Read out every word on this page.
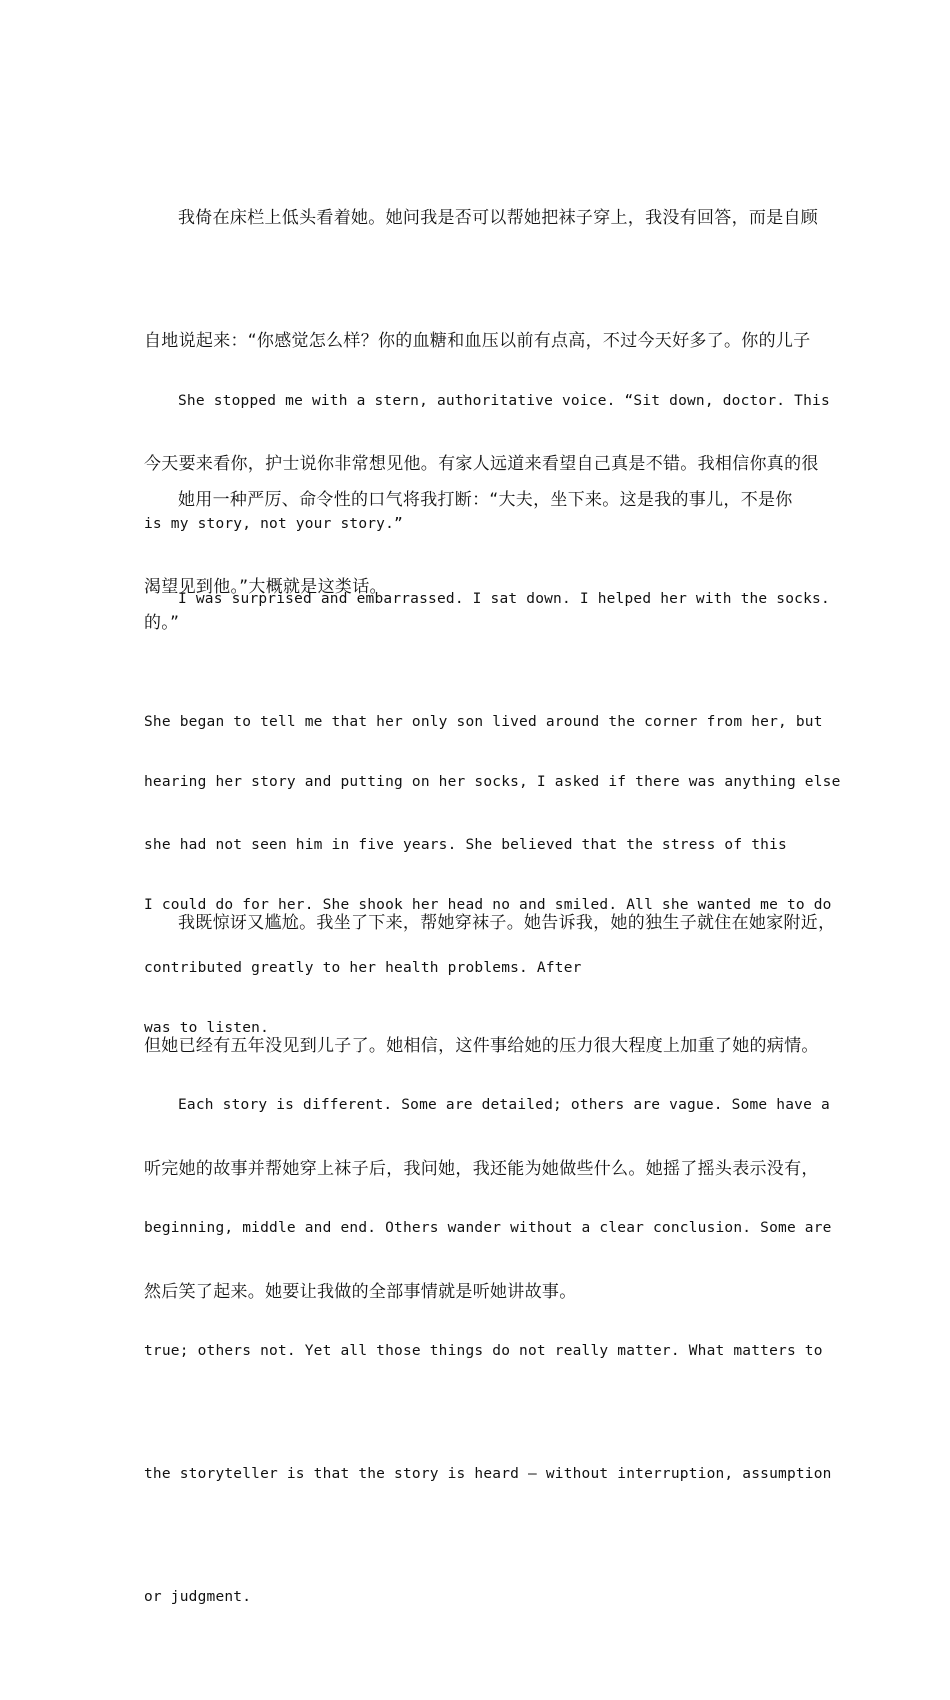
我倚在床栏上低头看着她。她问我是否可以帮她把袜子穿上，我没有回答，而是自顾

自地说起来：“你感觉怎么样？你的血糖和血压以前有点高，不过今天好多了。你的儿子

今天要来看你，护士说你非常想见他。有家人远道来看望自己真是不错。我相信你真的很

渴望见到他。”大概就是这类话。

She stopped me with a stern, authoritative voice. “Sit down, doctor. This

is my story, not your story.”

她用一种严厉、命令性的口气将我打断：“大夫，坐下来。这是我的事儿，不是你

的。”

I was surprised and embarrassed. I sat down. I helped her with the socks.

She began to tell me that her only son lived around the corner from her, but

she had not seen him in five years. She believed that the stress of this

contributed greatly to her health problems. After

hearing her story and putting on her socks, I asked if there was anything else

I could do for her. She shook her head no and smiled. All she wanted me to do

was to listen.

我既惊讶又尴尬。我坐了下来，帮她穿袜子。她告诉我，她的独生子就住在她家附近，

但她已经有五年没见到儿子了。她相信，这件事给她的压力很大程度上加重了她的病情。

听完她的故事并帮她穿上袜子后，我问她，我还能为她做些什么。她摇了摇头表示没有，

然后笑了起来。她要让我做的全部事情就是听她讲故事。

Each story is different. Some are detailed; others are vague. Some have a

beginning, middle and end. Others wander without a clear conclusion. Some are

true; others not. Yet all those things do not really matter. What matters to

the storyteller is that the story is heard – without interruption, assumption

or judgment.
